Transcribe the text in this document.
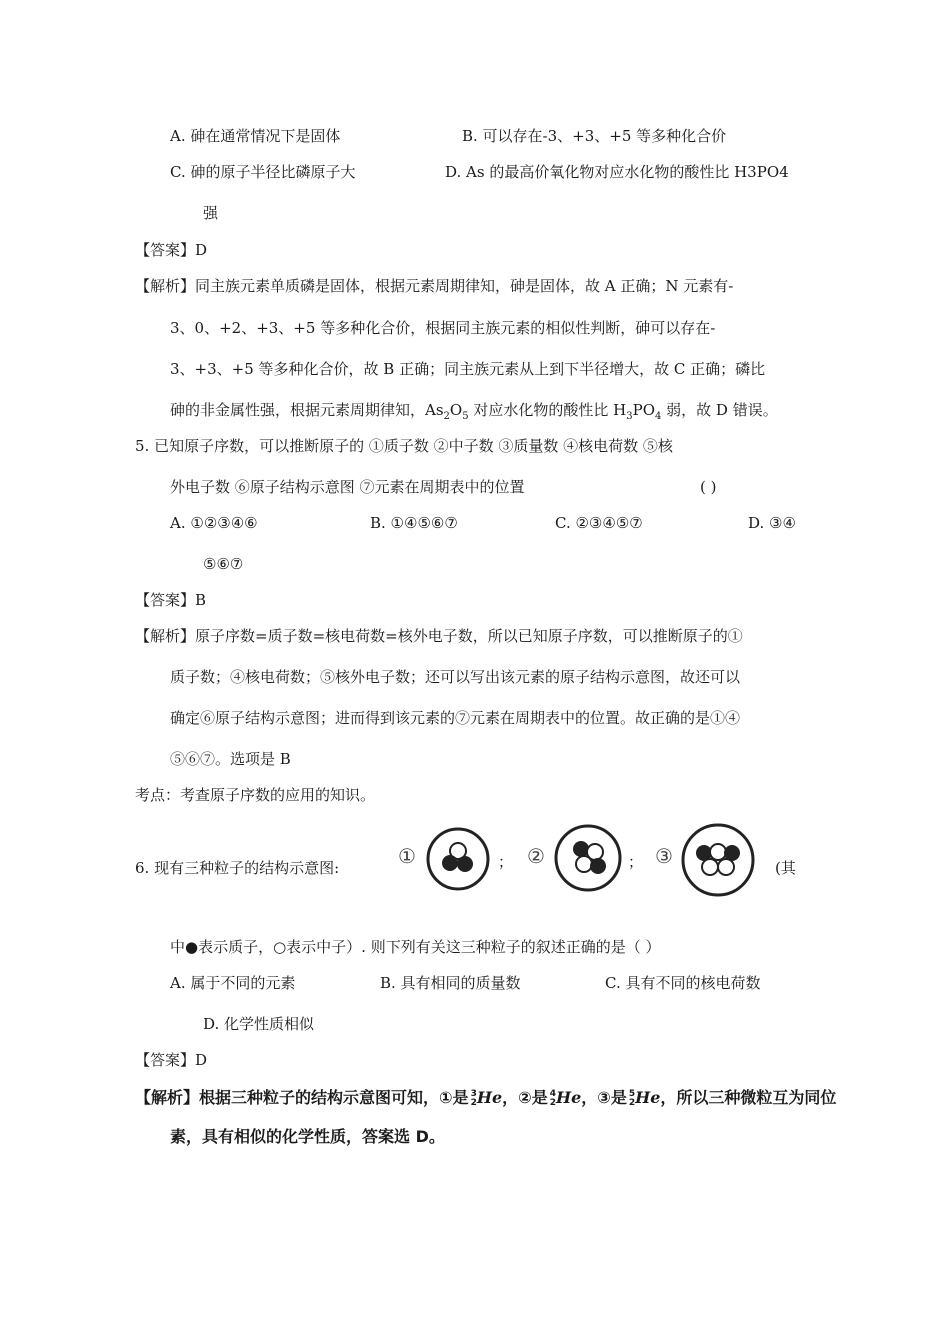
A. 砷在通常情况下是固体	B. 可以存在-3、+3、+5 等多种化合价
C. 砷的原子半径比磷原子大	D. As 的最高价氧化物对应水化物的酸性比 H3PO4
强
【答案】D
【解析】同主族元素单质磷是固体，根据元素周期律知，砷是固体，故 A 正确；N 元素有-
3、0、+2、+3、+5 等多种化合价，根据同主族元素的相似性判断，砷可以存在-
3、+3、+5 等多种化合价，故 B 正确；同主族元素从上到下半径增大，故 C 正确；磷比
砷的非金属性强，根据元素周期律知，$As_2O_5$ 对应水化物的酸性比 $H_3PO_4$ 弱，故 D 错误。
5. 已知原子序数，可以推断原子的 ①质子数 ②中子数 ③质量数 ④核电荷数 ⑤核
外电子数 ⑥原子结构示意图 ⑦元素在周期表中的位置	( )
A. ①②③④⑥	B. ①④⑤⑥⑦	C. ②③④⑤⑦	D. ③④
⑤⑥⑦
【答案】B
【解析】原子序数=质子数=核电荷数=核外电子数，所以已知原子序数，可以推断原子的①
质子数；④核电荷数；⑤核外电子数；还可以写出该元素的原子结构示意图，故还可以
确定⑥原子结构示意图；进而得到该元素的⑦元素在周期表中的位置。故正确的是①④
⑤⑥⑦。选项是 B
考点：考查原子序数的应用的知识。
6. 现有三种粒子的结构示意图:	①	； ②	； ③	(其
中●表示质子，○表示中子）. 则下列有关这三种粒子的叙述正确的是（ ）
A. 属于不同的元素	B. 具有相同的质量数	C. 具有不同的核电荷数
D. 化学性质相似
【答案】D
【解析】根据三种粒子的结构示意图可知，①是 3
2He，②是 4
2He，③是 5
2He，所以三种微粒互为同位
素，具有相似的化学性质，答案选 D。
